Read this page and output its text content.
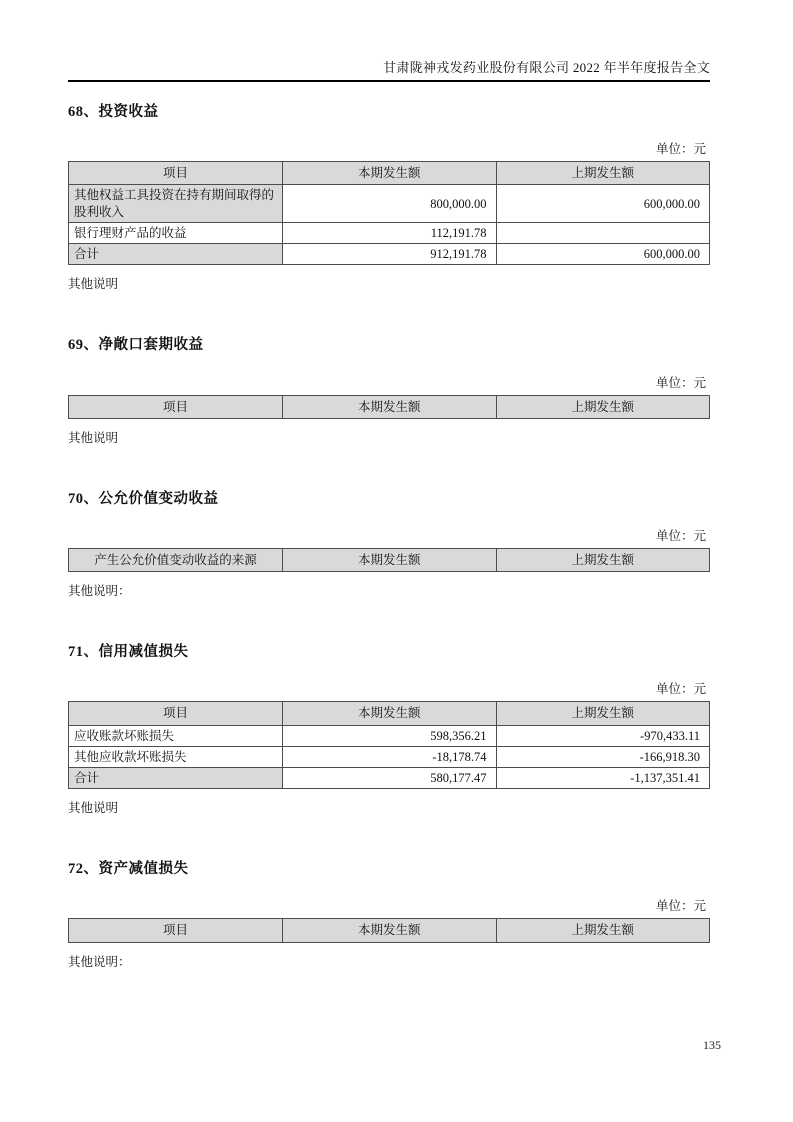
甘肃陇神戎发药业股份有限公司 2022 年半年度报告全文
68、投资收益
单位：元
项目	本期发生额	上期发生额
其他权益工具投资在持有期间取得的股利收入	800,000.00	600,000.00
银行理财产品的收益	112,191.78	
合计	912,191.78	600,000.00
其他说明
69、净敞口套期收益
单位：元
项目	本期发生额	上期发生额
其他说明
70、公允价值变动收益
单位：元
产生公允价值变动收益的来源	本期发生额	上期发生额
其他说明：
71、信用减值损失
单位：元
项目	本期发生额	上期发生额
应收账款坏账损失	598,356.21	-970,433.11
其他应收款坏账损失	-18,178.74	-166,918.30
合计	580,177.47	-1,137,351.41
其他说明
72、资产减值损失
单位：元
项目	本期发生额	上期发生额
其他说明：
135
